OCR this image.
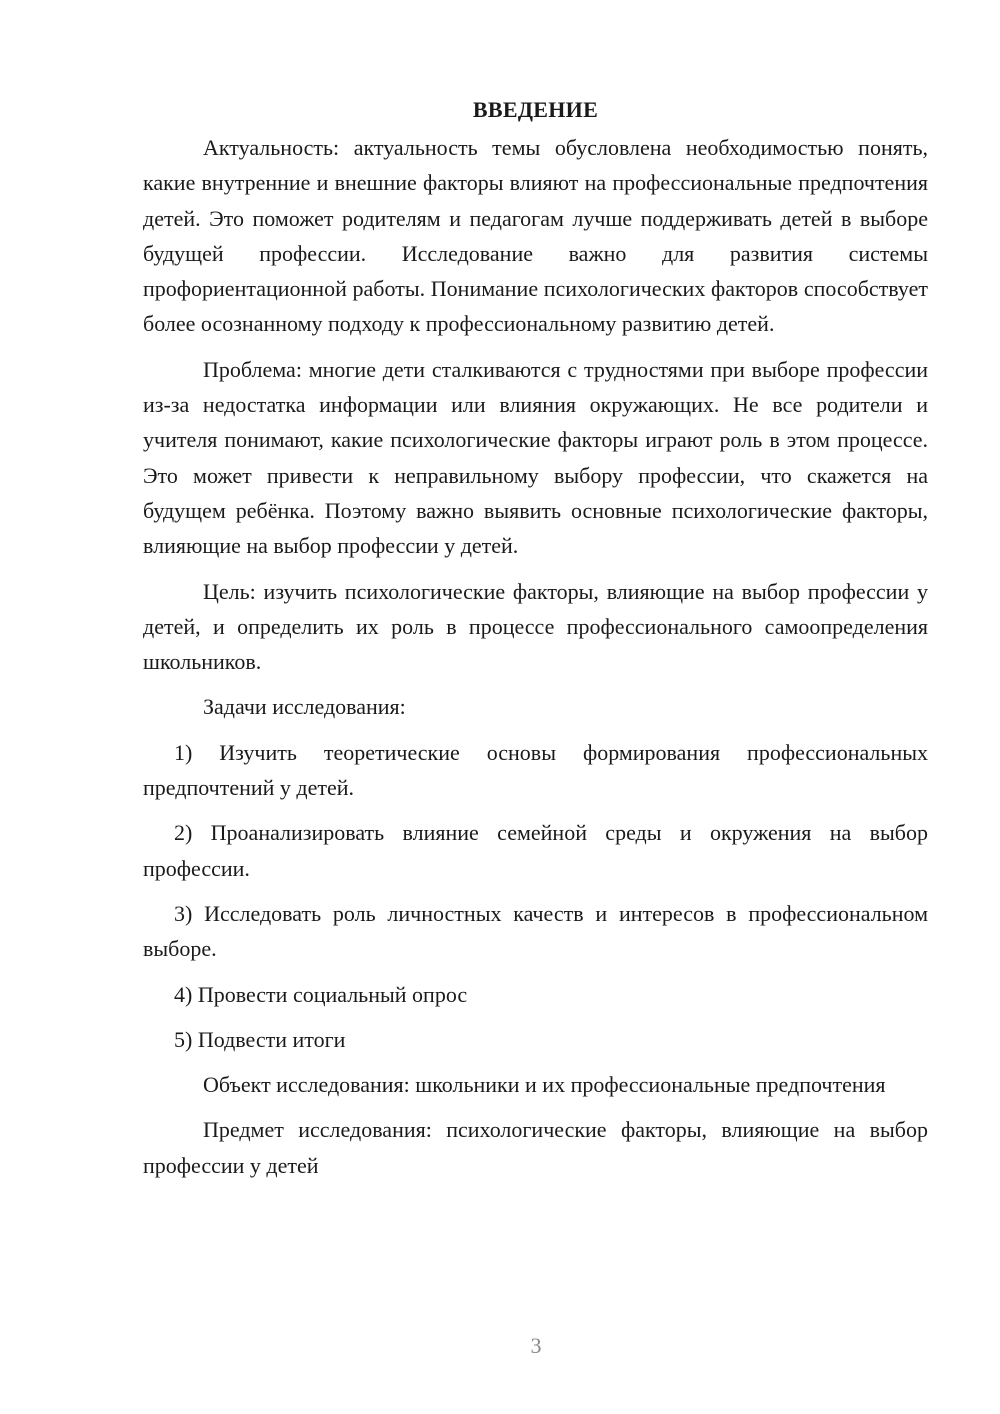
ВВЕДЕНИЕ

Актуальность: актуальность темы обусловлена необходимостью понять, какие внутренние и внешние факторы влияют на профессиональные предпочтения детей. Это поможет родителям и педагогам лучше поддерживать детей в выборе будущей профессии. Исследование важно для развития системы профориентационной работы. Понимание психологических факторов способствует более осознанному подходу к профессиональному развитию детей.

Проблема: многие дети сталкиваются с трудностями при выборе профессии из-за недостатка информации или влияния окружающих. Не все родители и учителя понимают, какие психологические факторы играют роль в этом процессе. Это может привести к неправильному выбору профессии, что скажется на будущем ребёнка. Поэтому важно выявить основные психологические факторы, влияющие на выбор профессии у детей.

Цель: изучить психологические факторы, влияющие на выбор профессии у детей, и определить их роль в процессе профессионального самоопределения школьников.

Задачи исследования:

1) Изучить теоретические основы формирования профессиональных предпочтений у детей.

2) Проанализировать влияние семейной среды и окружения на выбор профессии.

3) Исследовать роль личностных качеств и интересов в профессиональном выборе.

4) Провести социальный опрос

5) Подвести итоги

Объект исследования: школьники и их профессиональные предпочтения

Предмет исследования: психологические факторы, влияющие на выбор профессии у детей

3
